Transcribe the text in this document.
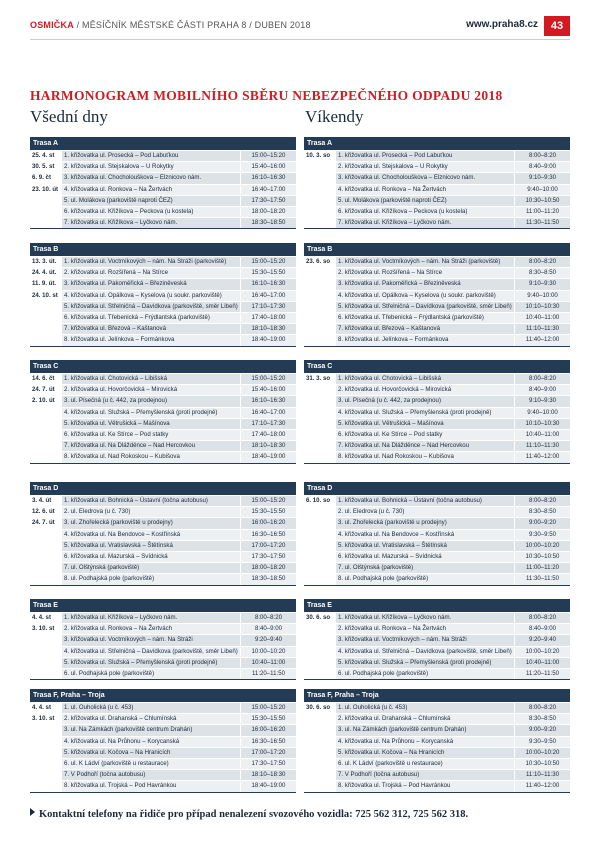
OSMIČKA / MĚSÍČNÍK MĚSTSKÉ ČÁSTI PRAHA 8 / DUBEN 2018	www.praha8.cz	43
HARMONOGRAM MOBILNÍHO SBĚRU NEBEZPEČNÉHO ODPADU 2018
Všední dny	Víkendy
Trasa A
25. 4. st	1. křižovatka ul. Prosecká – Pod Labuťkou	15:00–15:20
30. 5. st	2. křižovatka ul. Stejskalova – U Rokytky	15:40–16:00
6. 9. čt	3. křižovatka ul. Chocholouškova – Elznicovo nám.	16:10–16:30
23. 10. út 4. křižovatka ul. Ronkova – Na Žertvách	16:40–17:00
5. ul. Molákova (parkoviště naproti ČEZ)	17:30–17:50
6. křižovatka ul. Křižíkova – Peckova (u kostela)	18:00–18:20
7. křižovatka ul. Křižíkova – Lyčkovo nám.	18:30–18:50
Trasa B
13. 3. út.	1. křižovatka ul. Voctmíkových – nám. Na Stráži (parkoviště)	15:00–15:20
24. 4. út.	2. křižovatka ul. Rozšířená – Na Stírce	15:30–15:50
11. 9. út.	3. křižovatka ul. Pakoměřická – Březiněveská	16:10–16:30
24. 10. st	4. křižovatka ul. Opálkova – Kyselova (u soukr. parkoviště)	16:40–17:00
5. křižovatka ul. Střelničná – Davídkova (parkoviště, směr Libeň)	17:10–17:30
6. křižovatka ul. Třebenická – Frýdlantská (parkoviště)	17:40–18:00
7. křižovatka ul. Březová – Kaštanová	18:10–18:30
8. křižovatka ul. Jelínkova – Formánkova	18:40–19:00
Trasa C
14. 6. čt	1. křižovatka ul. Chotovická – Libišská	15:00–15:20
24. 7. út	2. křižovatka ul. Hovorčovická – Mirovická	15:40–16:00
2. 10. út	3. ul. Písečná (u č. 442, za prodejnou)	16:10–16:30
4. křižovatka ul. Služská – Přemyšlenská (proti prodejně)	16:40–17:00
5. křižovatka ul. Větrušická – Mašínova	17:10–17:30
6. křižovatka ul. Ke Stírce – Pod statky	17:40–18:00
7. křižovatka ul. Na Dlážděnce – Nad Hercovkou	18:10–18:30
8. křižovatka ul. Nad Rokoskou – Kubišova	18:40–19:00
Trasa D
3. 4. út	1. křižovatka ul. Bohnická – Ústavní (točna autobusu)	15:00–15:20
12. 6. út	2. ul. Eledrova (u č. 730)	15:30–15:50
24. 7. út	3. ul. Zhořelecká (parkoviště u prodejny)	16:00–16:20
4. křižovatka ul. Na Bendovce – Kostřínská	16:30–16:50
5. křižovatka ul. Vratislavská – Štětínská	17:00–17:20
6. křižovatka ul. Mazurská – Svídnická	17:30–17:50
7. ul. Olštýnská (parkoviště)	18:00–18:20
8. ul. Podhajská pole (parkoviště)	18:30–18:50
Trasa E
4. 4. st	1. křižovatka ul. Křižíkova – Lyčkovo nám.	8:00–8:20
3. 10. st	2. křižovatka ul. Ronkova – Na Žertvách	8:40–9:00
3. křižovatka ul. Voctmíkových – nám. Na Stráži	9:20–9:40
4. křižovatka ul. Střelničná – Davídkova (parkoviště, směr Libeň)	10:00–10:20
5. křižovatka ul. Služská – Přemyšlenská (proti prodejně)	10:40–11:00
6. ul. Podhajská pole (parkoviště)	11:20–11:50
Trasa F, Praha – Troja
4. 4. st	1. ul. Ouholická (u č. 453)	15:00–15:20
3. 10. st	2. křižovatka ul. Drahanská – Chlumínská	15:30–15:50
3. ul. Na Zámkách (parkoviště centrum Drahán)	16:00–16:20
4. křižovatka ul. Na Průhonu – Korycanská	16:30–16:50
5. křižovatka ul. Kočova – Na Hranicích	17:00–17:20
6. ul. K Ládví (parkoviště u restaurace)	17:30–17:50
7. V Podhoří (točna autobusu)	18:10–18:30
8. křižovatka ul. Trojská – Pod Havránkou	18:40–19:00
Trasa A
10. 3. so	1. křižovatka ul. Prosecká – Pod Labuťkou	8:00–8:20
2. křižovatka ul. Stejskalova – U Rokytky	8:40–9:00
3. křižovatka ul. Chocholouškova – Elznicovo nám.	9:10–9:30
4. křižovatka ul. Ronkova – Na Žertvách	9:40–10:00
5. ul. Molákova (parkoviště naproti ČEZ)	10:30–10:50
6. křižovatka ul. Křižíkova – Peckova (u kostela)	11:00–11:20
7. křižovatka ul. Křižíkova – Lyčkovo nám.	11:30–11:50
Trasa B
23. 6. so	1. křižovatka ul. Voctmíkových – nám. Na Stráži (parkoviště)	8:00–8:20
2. křižovatka ul. Rozšířená – Na Stírce	8:30–8:50
3. křižovatka ul. Pakoměřická – Březiněveská	9:10–9:30
4. křižovatka ul. Opálkova – Kyselova (u soukr. parkoviště)	9:40–10:00
5. křižovatka ul. Střelničná – Davídkova (parkoviště, směr Libeň)	10:10–10:30
6. křižovatka ul. Třebenická – Frýdlantská (parkoviště)	10:40–11:00
7. křižovatka ul. Březová – Kaštanová	11:10–11:30
8. křižovatka ul. Jelínkova – Formánkova	11:40–12:00
Trasa C
31. 3. so	1. křižovatka ul. Chotovická – Libišská	8:00–8:20
2. křižovatka ul. Hovorčovická – Mirovická	8:40–9:00
3. ul. Písečná (u č. 442, za prodejnou)	9:10–9:30
4. křižovatka ul. Služská – Přemyšlenská (proti prodejně)	9:40–10:00
5. křižovatka ul. Větrušická – Mašínova	10:10–10:30
6. křižovatka ul. Ke Stírce – Pod statky	10:40–11:00
7. křižovatka ul. Na Dlážděnce – Nad Hercovkou	11:10–11:30
8. křižovatka ul. Nad Rokoskou – Kubišova	11:40–12:00
Trasa D
6. 10. so	1. křižovatka ul. Bohnická – Ústavní (točna autobusu)	8:00–8:20
2. ul. Eledrova (u č. 730)	8:30–8:50
3. ul. Zhořelecká (parkoviště u prodejny)	9:00–9:20
4. křižovatka ul. Na Bendovce – Kostřínská	9:30–9:50
5. křižovatka ul. Vratislavská – Štětínská	10:00–10:20
6. křižovatka ul. Mazurská – Svídnická	10:30–10:50
7. ul. Olštýnská (parkoviště)	11:00–11:20
8. ul. Podhajská pole (parkoviště)	11:30–11:50
Trasa E
30. 6. so	1. křižovatka ul. Křižíkova – Lyčkovo nám.	8:00–8:20
2. křižovatka ul. Ronkova – Na Žertvách	8:40–9:00
3. křižovatka ul. Voctmíkových – nám. Na Stráži	9:20–9:40
4. křižovatka ul. Střelničná – Davídkova (parkoviště, směr Libeň)	10:00–10:20
5. křižovatka ul. Služská – Přemyšlenská (proti prodejně)	10:40–11:00
6. ul. Podhajská pole (parkoviště)	11:20–11:50
Trasa F, Praha – Troja
30. 6. so	1. ul. Ouholická (u č. 453)	8:00–8:20
2. křižovatka ul. Drahanská – Chlumínská	8:30–8:50
3. ul. Na Zámkách (parkoviště centrum Drahán)	9:00–9:20
4. křižovatka ul. Na Průhonu – Korycanská	9:30–9:50
5. křižovatka ul. Kočova – Na Hranicích	10:00–10:20
6. ul. K Ládví (parkoviště u restaurace)	10:30–10:50
7. V Podhoří (točna autobusu)	11:10–11:30
8. křižovatka ul. Trojská – Pod Havránkou	11:40–12:00
Kontaktní telefony na řidiče pro případ nenalezení svozového vozidla: 725 562 312, 725 562 318.
